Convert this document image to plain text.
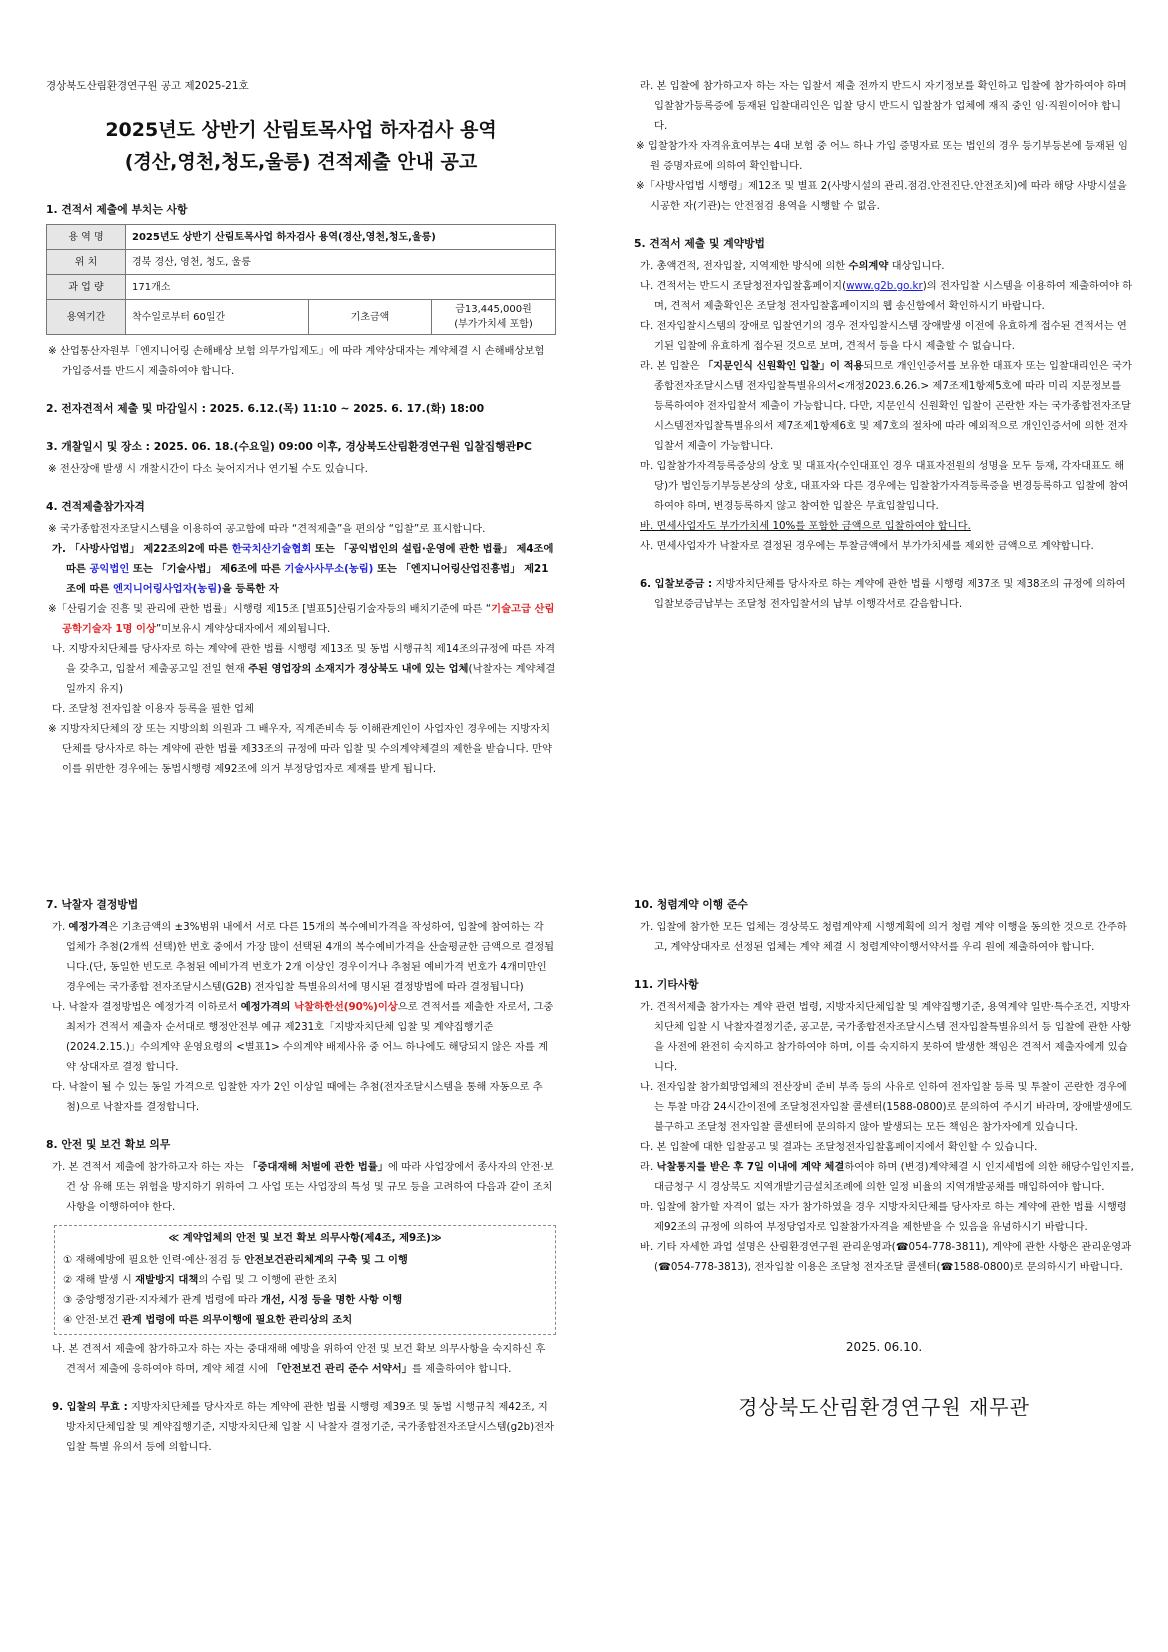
경상북도산림환경연구원 공고 제2025-21호

2025년도 상반기 산림토목사업 하자검사 용역
(경산,영천,청도,울릉) 견적제출 안내 공고

1. 견적서 제출에 부치는 사항

용 역 명	2025년도 상반기 산림토목사업 하자검사 용역(경산,영천,청도,울릉)		
위 치	경북 경산, 영천, 청도, 울릉		
과 업 량	171개소		
용역기간	착수일로부터 60일간	기초금액	금13,445,000원
(부가가치세 포함)

※ 산업통산자원부「엔지니어링 손해배상 보험 의무가입제도」에 따라 계약상대자는 계약체결 시 손해배상보험 가입증서를 반드시 제출하여야 합니다.

2. 전자견적서 제출 및 마감일시 : 2025. 6.12.(목) 11:10 ~ 2025. 6. 17.(화) 18:00

3. 개찰일시 및 장소 : 2025. 06. 18.(수요일) 09:00 이후, 경상북도산림환경연구원 입찰집행관PC

※ 전산장애 발생 시 개찰시간이 다소 늦어지거나 연기될 수도 있습니다.

4. 견적제출참가자격

※ 국가종합전자조달시스템을 이용하여 공고함에 따라 “견적제출”을 편의상 “입찰”로 표시합니다.

가. 「사방사업법」 제22조의2에 따른 한국치산기술협회 또는 「공익법인의 설립·운영에 관한 법률」 제4조에 따른 공익법인 또는 「기술사법」 제6조에 따른 기술사사무소(농림) 또는 「엔지니어링산업진흥법」 제21조에 따른 엔지니어링사업자(농림)을 등록한 자

※「산림기술 진흥 및 관리에 관한 법률」시행령 제15조 [별표5]산림기술자등의 배치기준에 따른 “기술고급 산림공학기술자 1명 이상”미보유시 계약상대자에서 제외됩니다.

나. 지방자치단체를 당사자로 하는 계약에 관한 법률 시행령 제13조 및 동법 시행규칙 제14조의규정에 따른 자격을 갖추고, 입찰서 제출공고일 전일 현재 주된 영업장의 소재지가 경상북도 내에 있는 업체(낙찰자는 계약체결일까지 유지)

다. 조달청 전자입찰 이용자 등록을 필한 업체

※ 지방자치단체의 장 또는 지방의회 의원과 그 배우자, 직계존비속 등 이해관계인이 사업자인 경우에는 지방자치단체를 당사자로 하는 계약에 관한 법률 제33조의 규정에 따라 입찰 및 수의계약체결의 제한을 받습니다. 만약 이를 위반한 경우에는 동법시행령 제92조에 의거 부정당업자로 제재를 받게 됩니다.

라. 본 입찰에 참가하고자 하는 자는 입찰서 제출 전까지 반드시 자기정보를 확인하고 입찰에 참가하여야 하며 입찰참가등록증에 등재된 입찰대리인은 입찰 당시 반드시 입찰참가 업체에 재직 중인 임·직원이어야 합니다.

※ 입찰참가자 자격유효여부는 4대 보험 중 어느 하나 가입 증명자료 또는 법인의 경우 등기부등본에 등재된 임원 증명자료에 의하여 확인합니다.

※「사방사업법 시행령」제12조 및 별표 2(사방시설의 관리.점검.안전진단.안전조치)에 따라 해당 사방시설을 시공한 자(기관)는 안전점검 용역을 시행할 수 없음.

5. 견적서 제출 및 계약방법

가. 총액견적, 전자입찰, 지역제한 방식에 의한 수의계약 대상입니다.

나. 견적서는 반드시 조달청전자입찰홈페이지(www.g2b.go.kr)의 전자입찰 시스템을 이용하여 제출하여야 하며, 견적서 제출확인은 조달청 전자입찰홈페이지의 웹 송신함에서 확인하시기 바랍니다.

다. 전자입찰시스템의 장애로 입찰연기의 경우 전자입찰시스템 장애발생 이전에 유효하게 접수된 견적서는 연기된 입찰에 유효하게 접수된 것으로 보며, 견적서 등을 다시 제출할 수 없습니다.

라. 본 입찰은 「지문인식 신원확인 입찰」이 적용되므로 개인인증서를 보유한 대표자 또는 입찰대리인은 국가종합전자조달시스템 전자입찰특별유의서<개정2023.6.26.> 제7조제1항제5호에 따라 미리 지문정보를 등록하여야 전자입찰서 제출이 가능합니다. 다만, 지문인식 신원확인 입찰이 곤란한 자는 국가종합전자조달시스템전자입찰특별유의서 제7조제1항제6호 및 제7호의 절차에 따라 예외적으로 개인인증서에 의한 전자입찰서 제출이 가능합니다.

마. 입찰참가자격등록증상의 상호 및 대표자(수인대표인 경우 대표자전원의 성명을 모두 등재, 각자대표도 해당)가 법인등기부등본상의 상호, 대표자와 다른 경우에는 입찰참가자격등록증을 변경등록하고 입찰에 참여하여야 하며, 변경등록하지 않고 참여한 입찰은 무효입찰입니다.

바. 면세사업자도 부가가치세 10%를 포함한 금액으로 입찰하여야 합니다.

사. 면세사업자가 낙찰자로 결정된 경우에는 투찰금액에서 부가가치세를 제외한 금액으로 계약합니다.

6. 입찰보증금 : 지방자치단체를 당사자로 하는 계약에 관한 법률 시행령 제37조 및 제38조의 규정에 의하여 입찰보증금납부는 조달청 전자입찰서의 납부 이행각서로 갈음합니다.

7. 낙찰자 결정방법

가. 예정가격은 기초금액의 ±3%범위 내에서 서로 다른 15개의 복수예비가격을 작성하여, 입찰에 참여하는 각 업체가 추첨(2개씩 선택)한 번호 중에서 가장 많이 선택된 4개의 복수예비가격을 산술평균한 금액으로 결정됩니다.(단, 동일한 빈도로 추첨된 예비가격 번호가 2개 이상인 경우이거나 추첨된 예비가격 번호가 4개미만인 경우에는 국가종합 전자조달시스템(G2B) 전자입찰 특별유의서에 명시된 결정방법에 따라 결정됩니다)

나. 낙찰자 결정방법은 예정가격 이하로서 예정가격의 낙찰하한선(90%)이상으로 견적서를 제출한 자로서, 그중 최저가 견적서 제출자 순서대로 행정안전부 예규 제231호「지방자치단체 입찰 및 계약집행기준(2024.2.15.)」수의계약 운영요령의 <별표1> 수의계약 배제사유 중 어느 하나에도 해당되지 않은 자를 계약 상대자로 결정 합니다.

다. 낙찰이 될 수 있는 동일 가격으로 입찰한 자가 2인 이상일 때에는 추첨(전자조달시스템을 통해 자동으로 추첨)으로 낙찰자를 결정합니다.

8. 안전 및 보건 확보 의무

가. 본 견적서 제출에 참가하고자 하는 자는 「중대재해 처벌에 관한 법률」에 따라 사업장에서 종사자의 안전·보건 상 유해 또는 위험을 방지하기 위하여 그 사업 또는 사업장의 특성 및 규모 등을 고려하여 다음과 같이 조치사항을 이행하여야 한다.

≪ 계약업체의 안전 및 보건 확보 의무사항(제4조, 제9조)≫
① 재해예방에 필요한 인력·예산·점검 등 안전보건관리체계의 구축 및 그 이행
② 재해 발생 시 재발방지 대책의 수립 및 그 이행에 관한 조치
③ 중앙행정기관·지자체가 관계 법령에 따라 개선, 시정 등을 명한 사항 이행
④ 안전·보건 관계 법령에 따른 의무이행에 필요한 관리상의 조치

나. 본 견적서 제출에 참가하고자 하는 자는 중대재해 예방을 위하여 안전 및 보건 확보 의무사항을 숙지하신 후 견적서 제출에 응하여야 하며, 계약 체결 시에 「안전보건 관리 준수 서약서」를 제출하여야 합니다.

9. 입찰의 무효 : 지방자치단체를 당사자로 하는 계약에 관한 법률 시행령 제39조 및 동법 시행규칙 제42조, 지방자치단체입찰 및 계약집행기준, 지방자치단체 입찰 시 낙찰자 결정기준, 국가종합전자조달시스템(g2b)전자입찰 특별 유의서 등에 의합니다.

10. 청렴계약 이행 준수

가. 입찰에 참가한 모든 업체는 경상북도 청렴계약제 시행계획에 의거 청렴 계약 이행을 동의한 것으로 간주하고, 계약상대자로 선정된 업체는 계약 체결 시 청렴계약이행서약서를 우리 원에 제출하여야 합니다.

11. 기타사항

가. 견적서제출 참가자는 계약 관련 법령, 지방자치단체입찰 및 계약집행기준, 용역계약 일반·특수조건, 지방자치단체 입찰 시 낙찰자결정기준, 공고문, 국가종합전자조달시스템 전자입찰특별유의서 등 입찰에 관한 사항을 사전에 완전히 숙지하고 참가하여야 하며, 이를 숙지하지 못하여 발생한 책임은 견적서 제출자에게 있습니다.

나. 전자입찰 참가희망업체의 전산장비 준비 부족 등의 사유로 인하여 전자입찰 등록 및 투찰이 곤란한 경우에는 투찰 마감 24시간이전에 조달청전자입찰 콜센터(1588-0800)로 문의하여 주시기 바라며, 장애발생에도 불구하고 조달청 전자입찰 콜센터에 문의하지 않아 발생되는 모든 책임은 참가자에게 있습니다.

다. 본 입찰에 대한 입찰공고 및 결과는 조달청전자입찰홈페이지에서 확인할 수 있습니다.

라. 낙찰통지를 받은 후 7일 이내에 계약 체결하여야 하며 (변경)계약체결 시 인지세법에 의한 해당수입인지를, 대금청구 시 경상북도 지역개발기금설치조례에 의한 일정 비율의 지역개발공채를 매입하여야 합니다.

마. 입찰에 참가할 자격이 없는 자가 참가하였을 경우 지방자치단체를 당사자로 하는 계약에 관한 법률 시행령 제92조의 규정에 의하여 부정당업자로 입찰참가자격을 제한받을 수 있음을 유념하시기 바랍니다.

바. 기타 자세한 과업 설명은 산림환경연구원 관리운영과(☎054-778-3811), 계약에 관한 사항은 관리운영과(☎054-778-3813), 전자입찰 이용은 조달청 전자조달 콜센터(☎1588-0800)로 문의하시기 바랍니다.

2025. 06.10.

경상북도산림환경연구원 재무관
